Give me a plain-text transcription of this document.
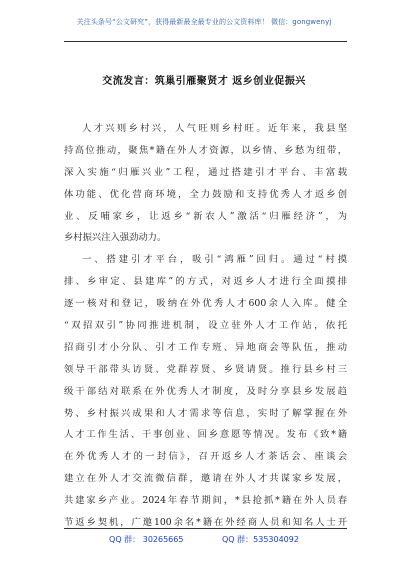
关注头条号“公文研究”，获得最新最全最专业的公文资料库！ 微信：gongwenyj
交流发言：筑巢引雁聚贤才 返乡创业促振兴
人才兴则乡村兴，人气旺则乡村旺。近年来，我县坚
持高位推动，聚焦*籍在外人才资源，以乡情、乡愁为纽带，
深入实施“归雁兴业”工程，通过搭建引才平台、丰富载
体功能、优化营商环境，全力鼓励和支持优秀人才返乡创
业、反哺家乡，让返乡“新农人”激活“归雁经济”，为
乡村振兴注入强劲动力。
一、搭建引才平台，吸引“鸿雁”回归。通过“村摸
排、乡审定、县建库”的方式，对返乡人才进行全面摸排
逐一核对和登记，吸纳在外优秀人才600余人入库。健全
“双招双引”协同推进机制，设立驻外人才工作站，依托
招商引才小分队、引才工作专班、异地商会等队伍，推动
领导干部带头访贤、党群荐贤、乡贤请贤。推行县乡村三
级干部结对联系在外优秀人才制度，及时分享县乡发展趋
势、乡村振兴成果和人才需求等信息，实时了解掌握在外
人才工作生活、干事创业、回乡意愿等情况。发布《致*籍
在外优秀人才的一封信》，召开返乡人才茶话会、座谈会
建立在外人才交流微信群，邀请在外人才共谋家乡发展，
共建家乡产业。2024年春节期间，*县抢抓*籍在外人员春
节返乡契机，广邀100余名*籍在外经商人员和知名人士开
QQ 群： 30265665	QQ 群：535304092
